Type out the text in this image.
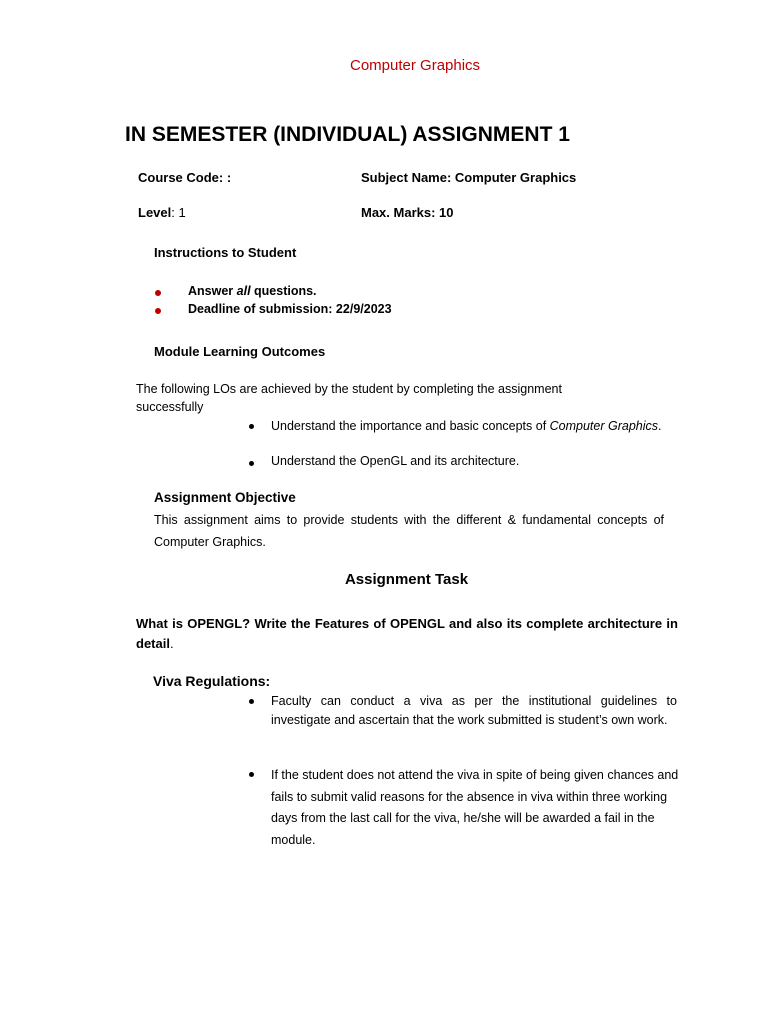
Computer Graphics
IN SEMESTER (INDIVIDUAL) ASSIGNMENT 1
Course Code: :	Subject Name: Computer Graphics
Level: 1	Max. Marks: 10
Instructions to Student
Answer all questions.
Deadline of submission: 22/9/2023
Module Learning Outcomes
The following LOs are achieved by the student by completing the assignment
successfully
Understand the importance and basic concepts of Computer Graphics.
Understand the OpenGL and its architecture.
Assignment Objective
This assignment aims to provide students with the different & fundamental concepts of Computer Graphics.
Assignment Task
What is OPENGL? Write the Features of OPENGL and also its complete architecture in detail.
Viva Regulations:
Faculty can conduct a viva as per the institutional guidelines to investigate and ascertain that the work submitted is student’s own work.
If the student does not attend the viva in spite of being given chances and fails to submit valid reasons for the absence in viva within three working days from the last call for the viva, he/she will be awarded a fail in the module.
